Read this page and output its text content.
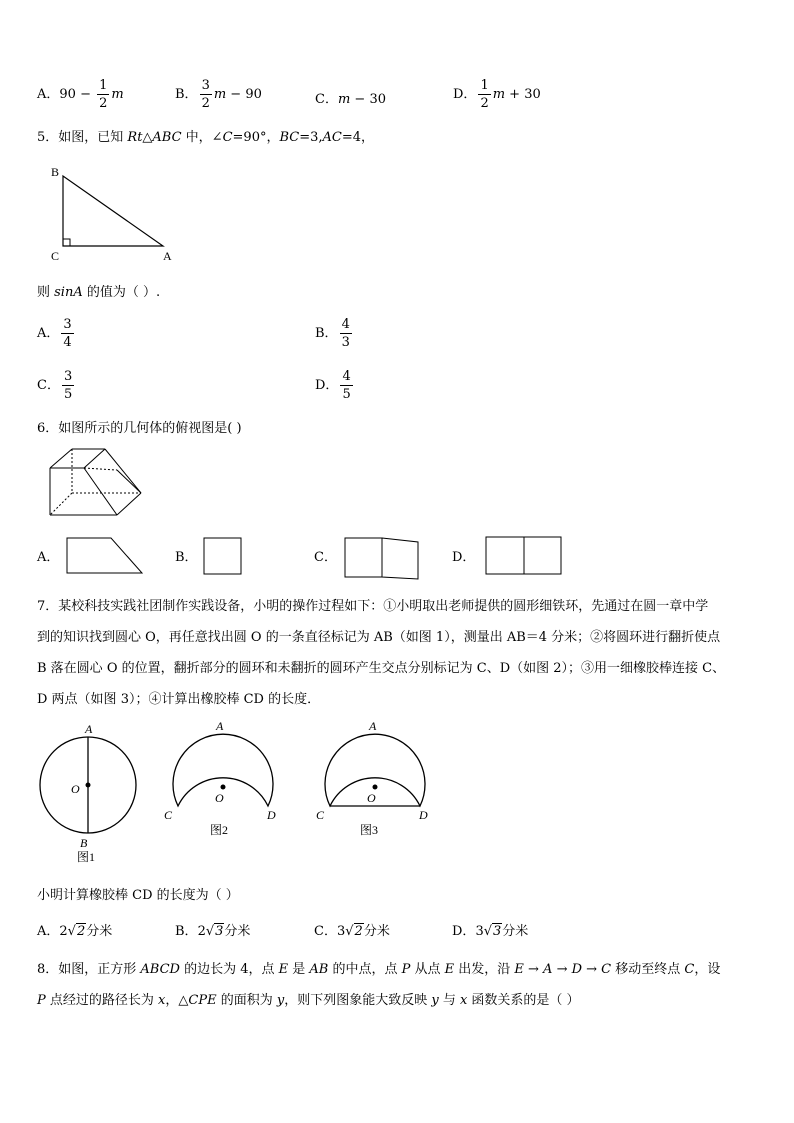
A．$90 - \frac{1}{2}$ m	B． $\frac{3}{2}$ m − 90	C．m − 30	D． $\frac{1}{2}$ m + 30
5．如图，已知 Rt△ABC 中，∠C=90°，BC=3,AC=4，
B
C	A
则 sinA 的值为（ ）.
A． $\frac{3}{4}$	B． $\frac{4}{3}$
C． $\frac{3}{5}$	D． $\frac{4}{5}$
6．如图所示的几何体的俯视图是( )
A．	B．	C．	D．
7．某校科技实践社团制作实践设备，小明的操作过程如下：①小明取出老师提供的圆形细铁环，先通过在圆一章中学
到的知识找到圆心 O，再任意找出圆 O 的一条直径标记为 AB（如图 1），测量出 AB＝4 分米；②将圆环进行翻折使点
B 落在圆心 O 的位置，翻折部分的圆环和未翻折的圆环产生交点分别标记为 C、D（如图 2）；③用一细橡胶棒连接 C、
D 两点（如图 3）；④计算出橡胶棒 CD 的长度．
A
O
B
图1
A
O
C	D
图2
A
O
C	D
图3
小明计算橡胶棒 CD 的长度为（ ）
A．2√2分米	B．2√3分米	C．3√2分米	D．3√3分米
8．如图，正方形 ABCD 的边长为 4，点 E 是 AB 的中点，点 P 从点 E 出发，沿 E → A → D → C 移动至终点 C，设
P 点经过的路径长为 x，△CPE 的面积为 y，则下列图象能大致反映 y 与 x 函数关系的是（ ）
